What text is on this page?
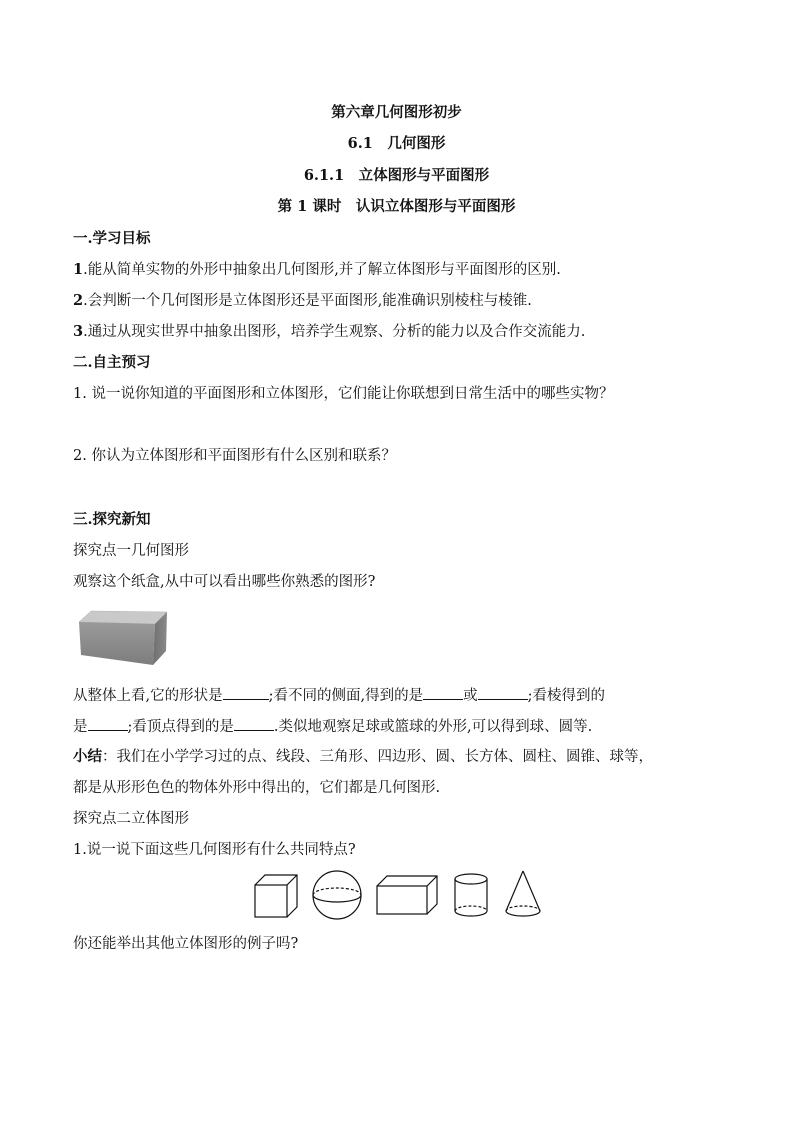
第六章几何图形初步
6.1　几何图形
6.1.1　立体图形与平面图形
第 1 课时　认识立体图形与平面图形
一.学习目标
1.能从简单实物的外形中抽象出几何图形,并了解立体图形与平面图形的区别.
2.会判断一个几何图形是立体图形还是平面图形,能准确识别棱柱与棱锥.
3.通过从现实世界中抽象出图形，培养学生观察、分析的能力以及合作交流能力.
二.自主预习
1. 说一说你知道的平面图形和立体图形，它们能让你联想到日常生活中的哪些实物？
2. 你认为立体图形和平面图形有什么区别和联系？
三.探究新知
探究点一几何图形
观察这个纸盒,从中可以看出哪些你熟悉的图形?
从整体上看,它的形状是	;看不同的侧面,得到的是	或	;看棱得到的
是	;看顶点得到的是	.类似地观察足球或篮球的外形,可以得到球、圆等.
小结：我们在小学学习过的点、线段、三角形、四边形、圆、长方体、圆柱、圆锥、球等，
都是从形形色色的物体外形中得出的，它们都是几何图形.
探究点二立体图形
1.说一说下面这些几何图形有什么共同特点?
你还能举出其他立体图形的例子吗?
